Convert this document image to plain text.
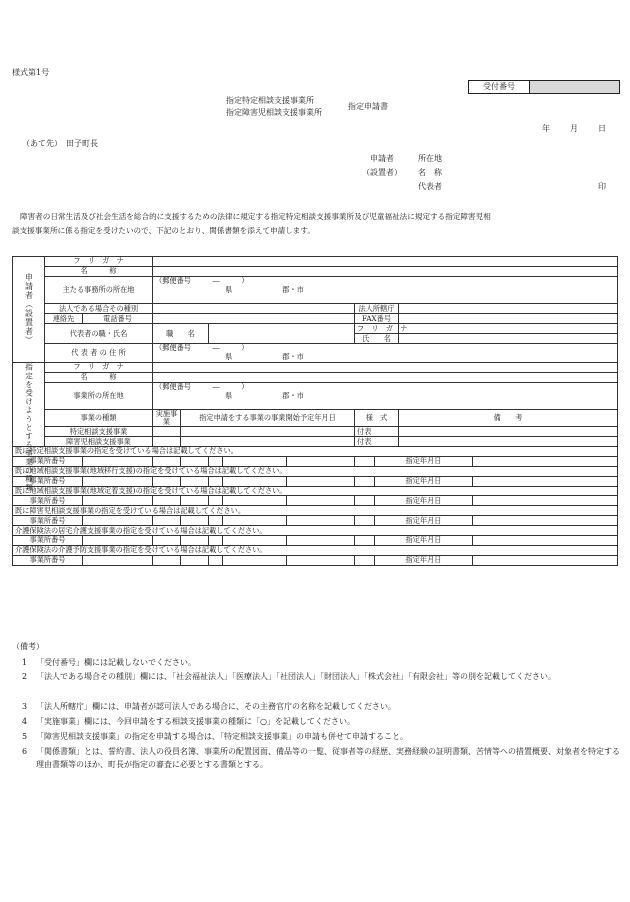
様式第1号
受付番号
指定特定相談支援事業所
指定障害児相談支援事業所
指定申請書
年	月	日
（あて先）　田子町長
申請者	所在地
（設置者） 名　称
代表者	印
障害者の日常生活及び社会生活を総合的に支援するための法律に規定する指定特定相談支援事業所及び児童福祉法に規定する指定障害児相
談支援事業所に係る指定を受けたいので、下記のとおり、関係書類を添えて申請します。
申請者（設置者）	フ　リ　ガ　ナ										
	名　　　称										

	主たる事務所の所在地		（郵便番号　　　―　　　）								
			県 郡・市								

	法人である場合その種別							法人所轄庁			
	連絡先	電話番号						FAX番号			
	代表者の職・氏名		職　　名					フ　リ　ガ　ナ			
								氏　　名			
	代 表 者 の 住 所		（郵便番号　　　―　　　）								
			県 郡・市								
指定を受けようとする事業の種類	フ　リ　ガ　ナ										
	名　　　称										

	事業所の所在地		（郵便番号　　　―　　　）								
			県 郡・市								

	事業の種類		実施事業	指定申請をする事業の事業開始予定年月日				様　式		備　　考	

	特定相談支援事業							付表			
	障害児相談支援事業							付表			

既に特定相談支援事業の指定を受けている場合は記載してください。											
事業所番号									指定年月日		
既に地域相談支援事業(地域移行支援)の指定を受けている場合は記載してください。											
事業所番号									指定年月日		
既に地域相談支援事業(地域定着支援)の指定を受けている場合は記載してください。											
事業所番号									指定年月日		
既に障害児相談支援事業の指定を受けている場合は記載してください。											
事業所番号									指定年月日		
介護保険法の居宅介護支援事業の指定を受けている場合は記載してください。											
事業所番号									指定年月日		
介護保険法の介護予防支援事業の指定を受けている場合は記載してください。											
事業所番号									指定年月日		
（備考）
1 「受付番号」欄には記載しないでください。
2 「法人である場合その種別」欄には、「社会福祉法人」「医療法人」「社団法人」「財団法人」「株式会社」「有限会社」等の別を記載してください。
3 「法人所轄庁」欄には、申請者が認可法人である場合に、その主務官庁の名称を記載してください。
4 「実施事業」欄には、今回申請をする相談支援事業の種類に「○」を記載してください。
5 「障害児相談支援事業」の指定を申請する場合は、「特定相談支援事業」の申請も併せて申請すること。
6 「関係書類」とは、誓約書、法人の役員名簿、事業所の配置図面、備品等の一覧、従事者等の経歴、実務経験の証明書類、苦情等への措置概要、対象者を特定する理由書類等のほか、町長が指定の審査に必要とする書類とする。
